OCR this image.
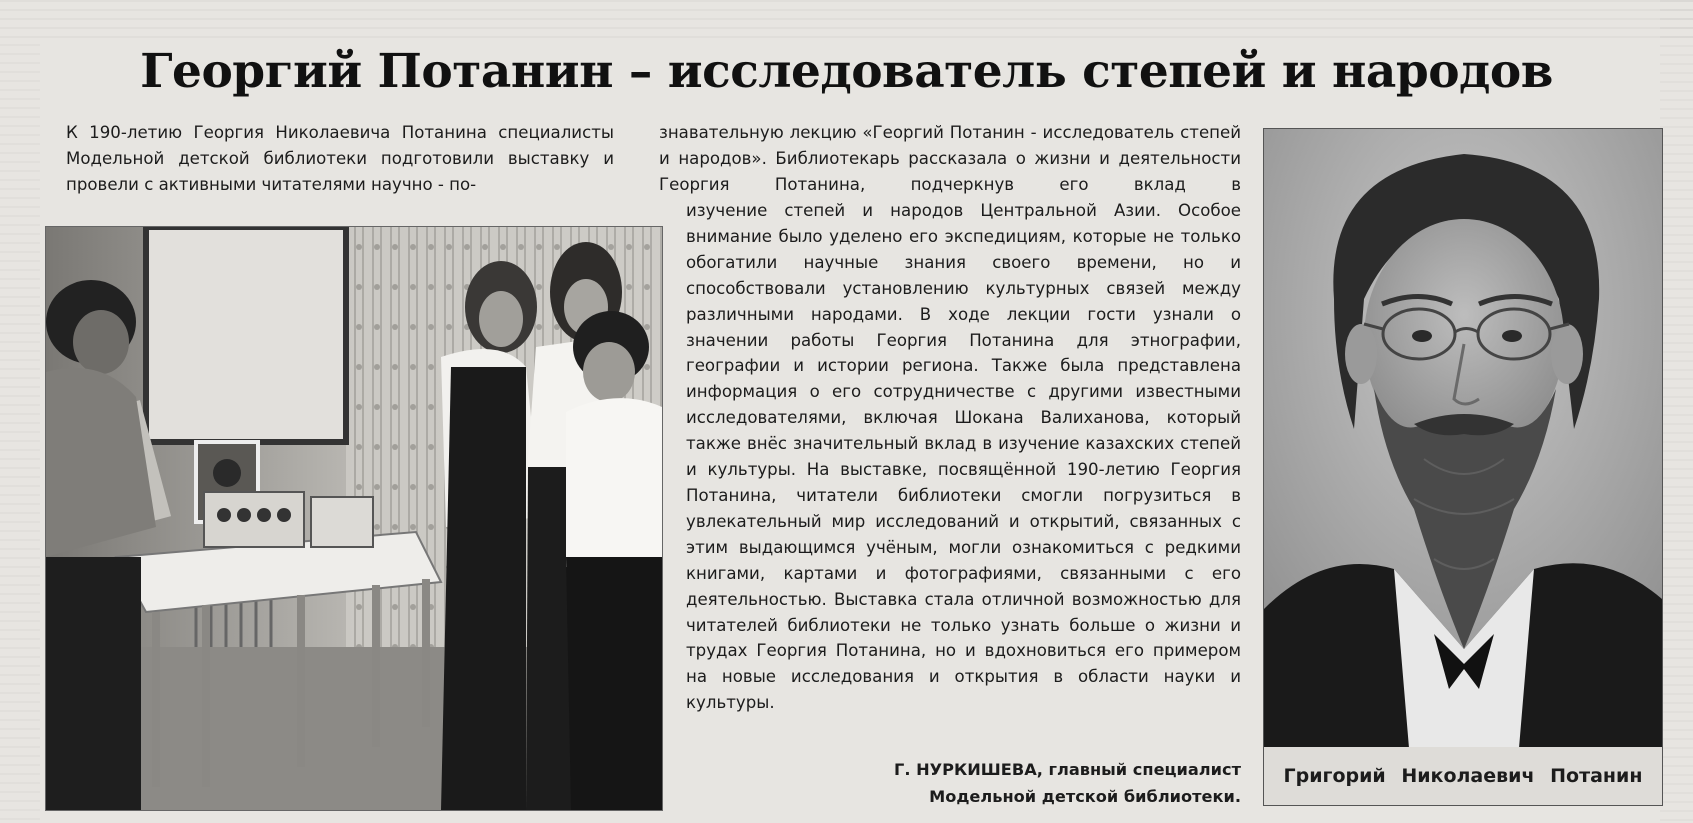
Георгий Потанин – исследователь степей и народов

К 190-летию Георгия Николаевича Потанина специалисты Модельной детской библиотеки подготовили выставку и провели с активными читателями научно - по-

знавательную лекцию «Георгий Потанин - исследователь степей и народов». Библиотекарь рассказала о жизни и деятельности Георгия Потанина, подчеркнув его вклад в

изучение степей и народов Центральной Азии. Особое внимание было уделено его экспедициям, которые не только обогатили научные знания своего времени, но и способствовали установлению культурных связей между различными народами. В ходе лекции гости узнали о значении работы Георгия Потанина для этнографии, географии и истории региона. Также была представлена информация о его сотрудничестве с другими известными исследователями, включая Шокана Валиханова, который также внёс значительный вклад в изучение казахских степей и культуры. На выставке, посвящённой 190-летию Георгия Потанина, читатели библиотеки смогли погрузиться в увлекательный мир исследований и открытий, связанных с этим выдающимся учёным, могли ознакомиться с редкими книгами, картами и фотографиями, связанными с его деятельностью. Выставка стала отличной возможностью для читателей библиотеки не только узнать больше о жизни и трудах Георгия Потанина, но и вдохновиться его примером на новые исследования и открытия в области науки и культуры.

Г. НУРКИШЕВА, главный специалист
Модельной детской библиотеки.
Григорий Николаевич Потанин
